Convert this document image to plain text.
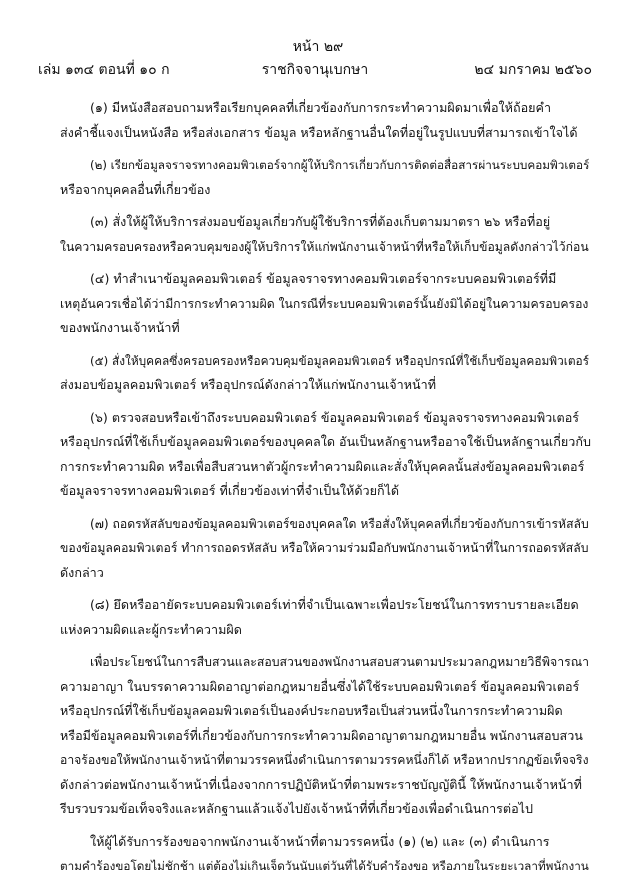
หน้า ๒๙
เล่ม ๑๓๔ ตอนที่ ๑๐ ก	ราชกิจจานุเบกษา	๒๔ มกราคม ๒๕๖๐

(๑) มีหนังสือสอบถามหรือเรียกบุคคลที่เกี่ยวข้องกับการกระทำความผิดมาเพื่อให้ถ้อยคำ
ส่งคำชี้แจงเป็นหนังสือ หรือส่งเอกสาร ข้อมูล หรือหลักฐานอื่นใดที่อยู่ในรูปแบบที่สามารถเข้าใจได้

(๒) เรียกข้อมูลจราจรทางคอมพิวเตอร์จากผู้ให้บริการเกี่ยวกับการติดต่อสื่อสารผ่านระบบคอมพิวเตอร์
หรือจากบุคคลอื่นที่เกี่ยวข้อง

(๓) สั่งให้ผู้ให้บริการส่งมอบข้อมูลเกี่ยวกับผู้ใช้บริการที่ต้องเก็บตามมาตรา ๒๖ หรือที่อยู่
ในความครอบครองหรือควบคุมของผู้ให้บริการให้แก่พนักงานเจ้าหน้าที่หรือให้เก็บข้อมูลดังกล่าวไว้ก่อน

(๔) ทำสำเนาข้อมูลคอมพิวเตอร์ ข้อมูลจราจรทางคอมพิวเตอร์จากระบบคอมพิวเตอร์ที่มี
เหตุอันควรเชื่อได้ว่ามีการกระทำความผิด ในกรณีที่ระบบคอมพิวเตอร์นั้นยังมิได้อยู่ในความครอบครอง
ของพนักงานเจ้าหน้าที่

(๕) สั่งให้บุคคลซึ่งครอบครองหรือควบคุมข้อมูลคอมพิวเตอร์ หรืออุปกรณ์ที่ใช้เก็บข้อมูลคอมพิวเตอร์
ส่งมอบข้อมูลคอมพิวเตอร์ หรืออุปกรณ์ดังกล่าวให้แก่พนักงานเจ้าหน้าที่

(๖) ตรวจสอบหรือเข้าถึงระบบคอมพิวเตอร์ ข้อมูลคอมพิวเตอร์ ข้อมูลจราจรทางคอมพิวเตอร์
หรืออุปกรณ์ที่ใช้เก็บข้อมูลคอมพิวเตอร์ของบุคคลใด อันเป็นหลักฐานหรืออาจใช้เป็นหลักฐานเกี่ยวกับ
การกระทำความผิด หรือเพื่อสืบสวนหาตัวผู้กระทำความผิดและสั่งให้บุคคลนั้นส่งข้อมูลคอมพิวเตอร์
ข้อมูลจราจรทางคอมพิวเตอร์ ที่เกี่ยวข้องเท่าที่จำเป็นให้ด้วยก็ได้

(๗) ถอดรหัสลับของข้อมูลคอมพิวเตอร์ของบุคคลใด หรือสั่งให้บุคคลที่เกี่ยวข้องกับการเข้ารหัสลับ
ของข้อมูลคอมพิวเตอร์ ทำการถอดรหัสลับ หรือให้ความร่วมมือกับพนักงานเจ้าหน้าที่ในการถอดรหัสลับ
ดังกล่าว

(๘) ยึดหรืออายัดระบบคอมพิวเตอร์เท่าที่จำเป็นเฉพาะเพื่อประโยชน์ในการทราบรายละเอียด
แห่งความผิดและผู้กระทำความผิด

เพื่อประโยชน์ในการสืบสวนและสอบสวนของพนักงานสอบสวนตามประมวลกฎหมายวิธีพิจารณา
ความอาญา ในบรรดาความผิดอาญาต่อกฎหมายอื่นซึ่งได้ใช้ระบบคอมพิวเตอร์ ข้อมูลคอมพิวเตอร์
หรืออุปกรณ์ที่ใช้เก็บข้อมูลคอมพิวเตอร์เป็นองค์ประกอบหรือเป็นส่วนหนึ่งในการกระทำความผิด
หรือมีข้อมูลคอมพิวเตอร์ที่เกี่ยวข้องกับการกระทำความผิดอาญาตามกฎหมายอื่น พนักงานสอบสวน
อาจร้องขอให้พนักงานเจ้าหน้าที่ตามวรรคหนึ่งดำเนินการตามวรรคหนึ่งก็ได้ หรือหากปรากฏข้อเท็จจริง
ดังกล่าวต่อพนักงานเจ้าหน้าที่เนื่องจากการปฏิบัติหน้าที่ตามพระราชบัญญัตินี้ ให้พนักงานเจ้าหน้าที่
รีบรวบรวมข้อเท็จจริงและหลักฐานแล้วแจ้งไปยังเจ้าหน้าที่ที่เกี่ยวข้องเพื่อดำเนินการต่อไป

ให้ผู้ได้รับการร้องขอจากพนักงานเจ้าหน้าที่ตามวรรคหนึ่ง (๑) (๒) และ (๓) ดำเนินการ
ตามคำร้องขอโดยไม่ชักช้า แต่ต้องไม่เกินเจ็ดวันนับแต่วันที่ได้รับคำร้องขอ หรือภายในระยะเวลาที่พนักงาน
